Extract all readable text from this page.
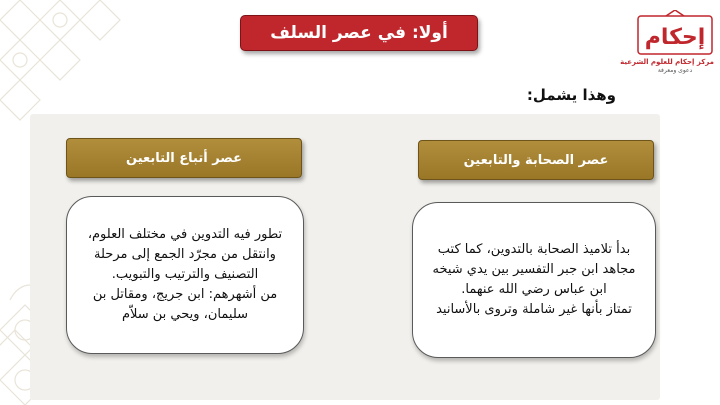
أولا: في عصر السلف	إحكام
مركز إحكام للعلوم الشرعية
دعوى ومعرفة
وهذا يشمل:
عصر أتباع التابعين	عصر الصحابة والتابعين

تطور فيه التدوين في مختلف العلوم، وانتقل من مجرّد الجمع إلى مرحلة التصنيف والترتيب والتبويب.

من أشهرهم: ابن جريج، ومقاتل بن سليمان، ويحي بن سلاّم

بدأ تلاميذ الصحابة بالتدوين، كما كتب مجاهد ابن جبر التفسير بين يدي شيخه ابن عباس رضي الله عنهما.

تمتاز بأنها غير شاملة وتروى بالأسانيد
